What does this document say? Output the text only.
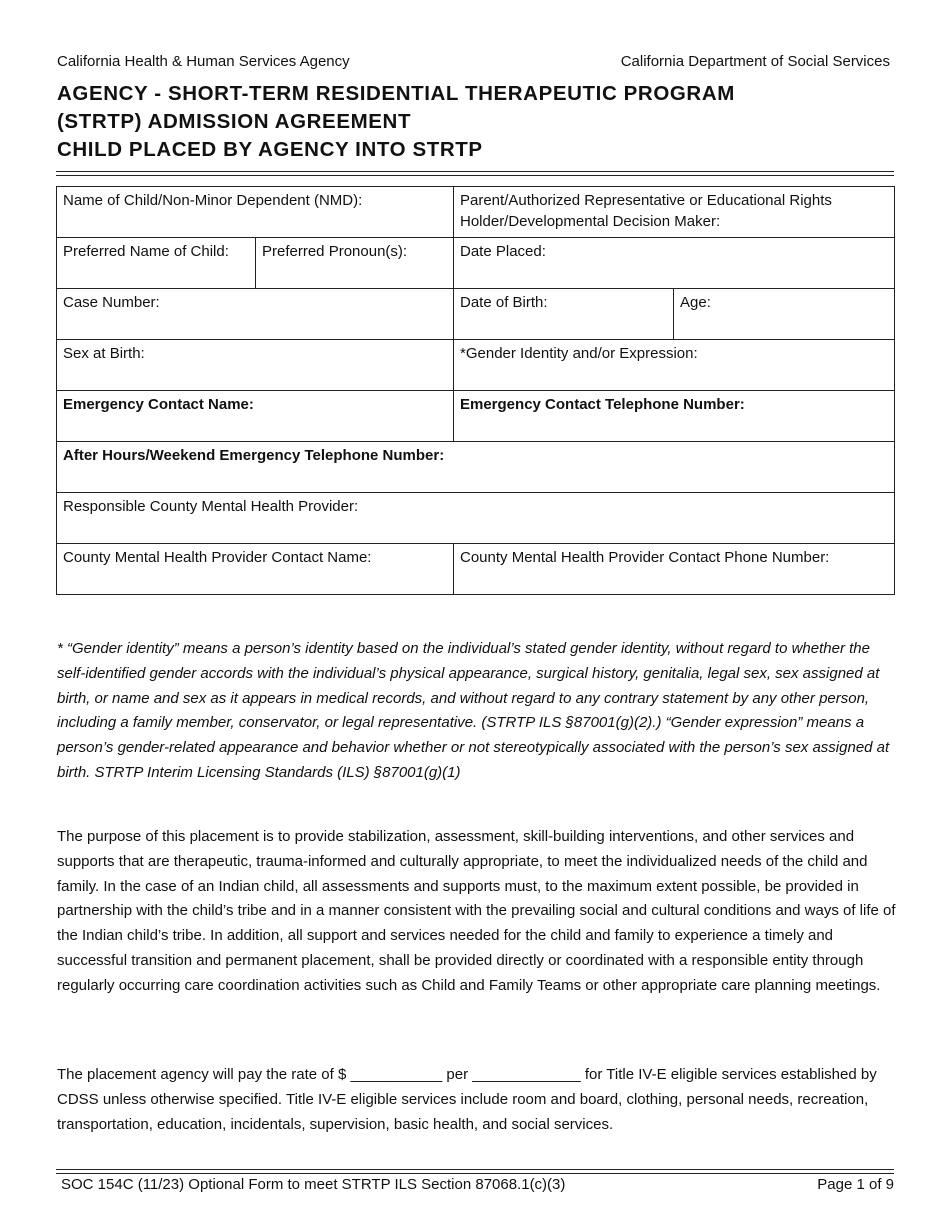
California Health & Human Services Agency	California Department of Social Services
AGENCY - SHORT-TERM RESIDENTIAL THERAPEUTIC PROGRAM
(STRTP) ADMISSION AGREEMENT
CHILD PLACED BY AGENCY INTO STRTP
Name of Child/Non-Minor Dependent (NMD):		Parent/Authorized Representative or Educational Rights Holder/Developmental Decision Maker:	
Preferred Name of Child:	Preferred Pronoun(s):	Date Placed:	
Case Number:		Date of Birth:	Age:
Sex at Birth:		*Gender Identity and/or Expression:	
Emergency Contact Name:		Emergency Contact Telephone Number:	
After Hours/Weekend Emergency Telephone Number:			
Responsible County Mental Health Provider:			
County Mental Health Provider Contact Name:		County Mental Health Provider Contact Phone Number:	
* “Gender identity” means a person’s identity based on the individual’s stated gender identity, without regard to whether the self-identified gender accords with the individual’s physical appearance, surgical history, genitalia, legal sex, sex assigned at birth, or name and sex as it appears in medical records, and without regard to any contrary statement by any other person, including a family member, conservator, or legal representative. (STRTP ILS §87001(g)(2).) “Gender expression” means a person’s gender-related appearance and behavior whether or not stereotypically associated with the person’s sex assigned at birth. STRTP Interim Licensing Standards (ILS) §87001(g)(1)
The purpose of this placement is to provide stabilization, assessment, skill-building interventions, and other services and supports that are therapeutic, trauma-informed and culturally appropriate, to meet the individualized needs of the child and family. In the case of an Indian child, all assessments and supports must, to the maximum extent possible, be provided in partnership with the child’s tribe and in a manner consistent with the prevailing social and cultural conditions and ways of life of the Indian child’s tribe. In addition, all support and services needed for the child and family to experience a timely and successful transition and permanent placement, shall be provided directly or coordinated with a responsible entity through regularly occurring care coordination activities such as Child and Family Teams or other appropriate care planning meetings.
The placement agency will pay the rate of $ ___________ per _____________ for Title IV-E eligible services established by CDSS unless otherwise specified. Title IV-E eligible services include room and board, clothing, personal needs, recreation, transportation, education, incidentals, supervision, basic health, and social services.
SOC 154C (11/23) Optional Form to meet STRTP ILS Section 87068.1(c)(3)	Page 1 of 9
